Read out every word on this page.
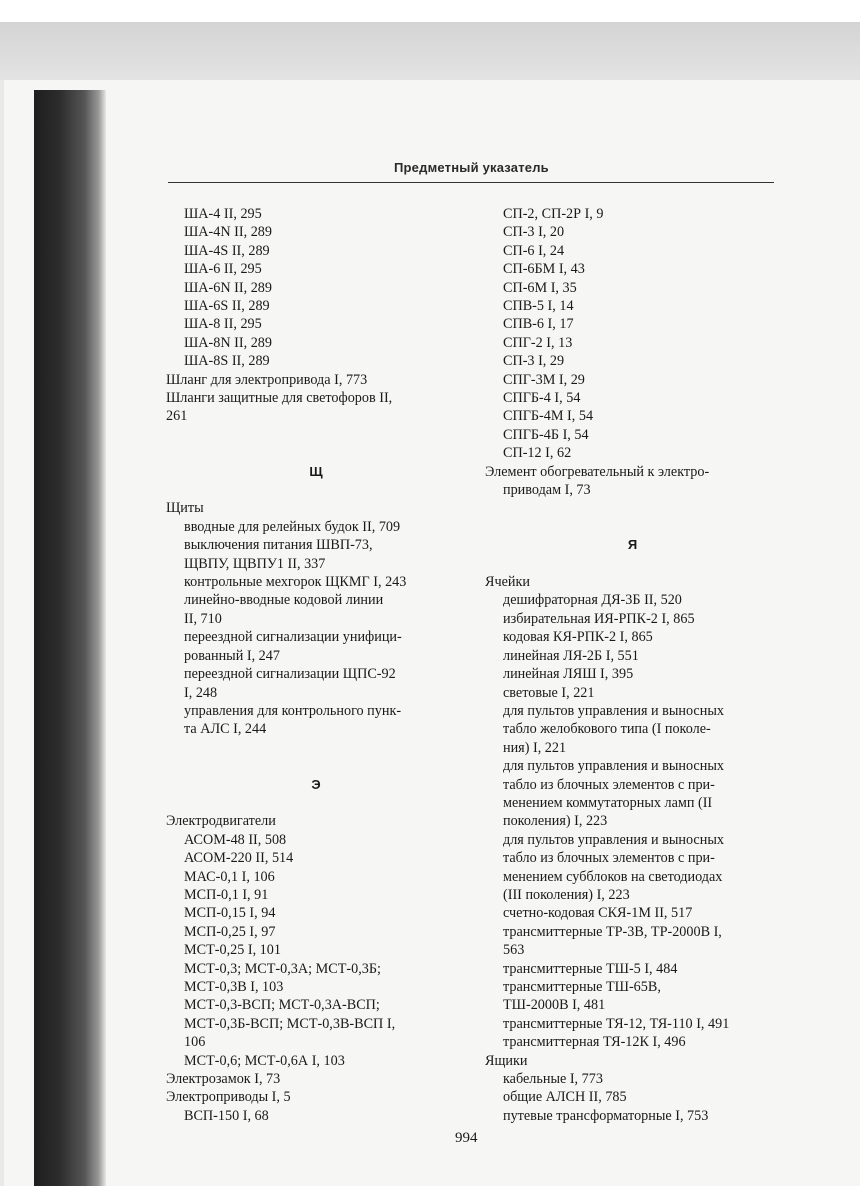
Предметный указатель
ША-4 II, 295
ША-4N II, 289
ША-4S II, 289
ША-6 II, 295
ША-6N II, 289
ША-6S II, 289
ША-8 II, 295
ША-8N II, 289
ША-8S II, 289
Шланг для электропривода I, 773
Шланги защитные для светофоров II,
261
Щ
Щиты
вводные для релейных будок II, 709
выключения питания ШВП-73,
ЩВПУ, ЩВПУ1 II, 337
контрольные мехгорок ЩКМГ I, 243
линейно-вводные кодовой линии
II, 710
переездной сигнализации унифици-
рованный I, 247
переездной сигнализации ЩПС-92
I, 248
управления для контрольного пунк-
та АЛС I, 244
Э
Электродвигатели
АСОМ-48 II, 508
АСОМ-220 II, 514
МАС-0,1 I, 106
МСП-0,1 I, 91
МСП-0,15 I, 94
МСП-0,25 I, 97
МСТ-0,25 I, 101
МСТ-0,3; МСТ-0,3А; МСТ-0,3Б;
МСТ-0,3В I, 103
МСТ-0,3-ВСП; МСТ-0,3А-ВСП;
МСТ-0,3Б-ВСП; МСТ-0,3В-ВСП I,
106
МСТ-0,6; МСТ-0,6А I, 103
Электрозамок I, 73
Электроприводы I, 5
ВСП-150 I, 68
СП-2, СП-2Р I, 9
СП-3 I, 20
СП-6 I, 24
СП-6БМ I, 43
СП-6М I, 35
СПВ-5 I, 14
СПВ-6 I, 17
СПГ-2 I, 13
СП-3 I, 29
СПГ-3М I, 29
СПГБ-4 I, 54
СПГБ-4М I, 54
СПГБ-4Б I, 54
СП-12 I, 62
Элемент обогревательный к электро-
приводам I, 73
Я
Ячейки
дешифраторная ДЯ-3Б II, 520
избирательная ИЯ-РПК-2 I, 865
кодовая КЯ-РПК-2 I, 865
линейная ЛЯ-2Б I, 551
линейная ЛЯШ I, 395
световые I, 221
для пультов управления и выносных
табло желобкового типа (I поколе-
ния) I, 221
для пультов управления и выносных
табло из блочных элементов с при-
менением коммутаторных ламп (II
поколения) I, 223
для пультов управления и выносных
табло из блочных элементов с при-
менением субблоков на светодиодах
(III поколения) I, 223
счетно-кодовая СКЯ-1М II, 517
трансмиттерные ТР-3В, ТР-2000В I,
563
трансмиттерные ТШ-5 I, 484
трансмиттерные ТШ-65В,
ТШ-2000В I, 481
трансмиттерные ТЯ-12, ТЯ-110 I, 491
трансмиттерная ТЯ-12К I, 496
Ящики
кабельные I, 773
общие АЛСН II, 785
путевые трансформаторные I, 753
994
